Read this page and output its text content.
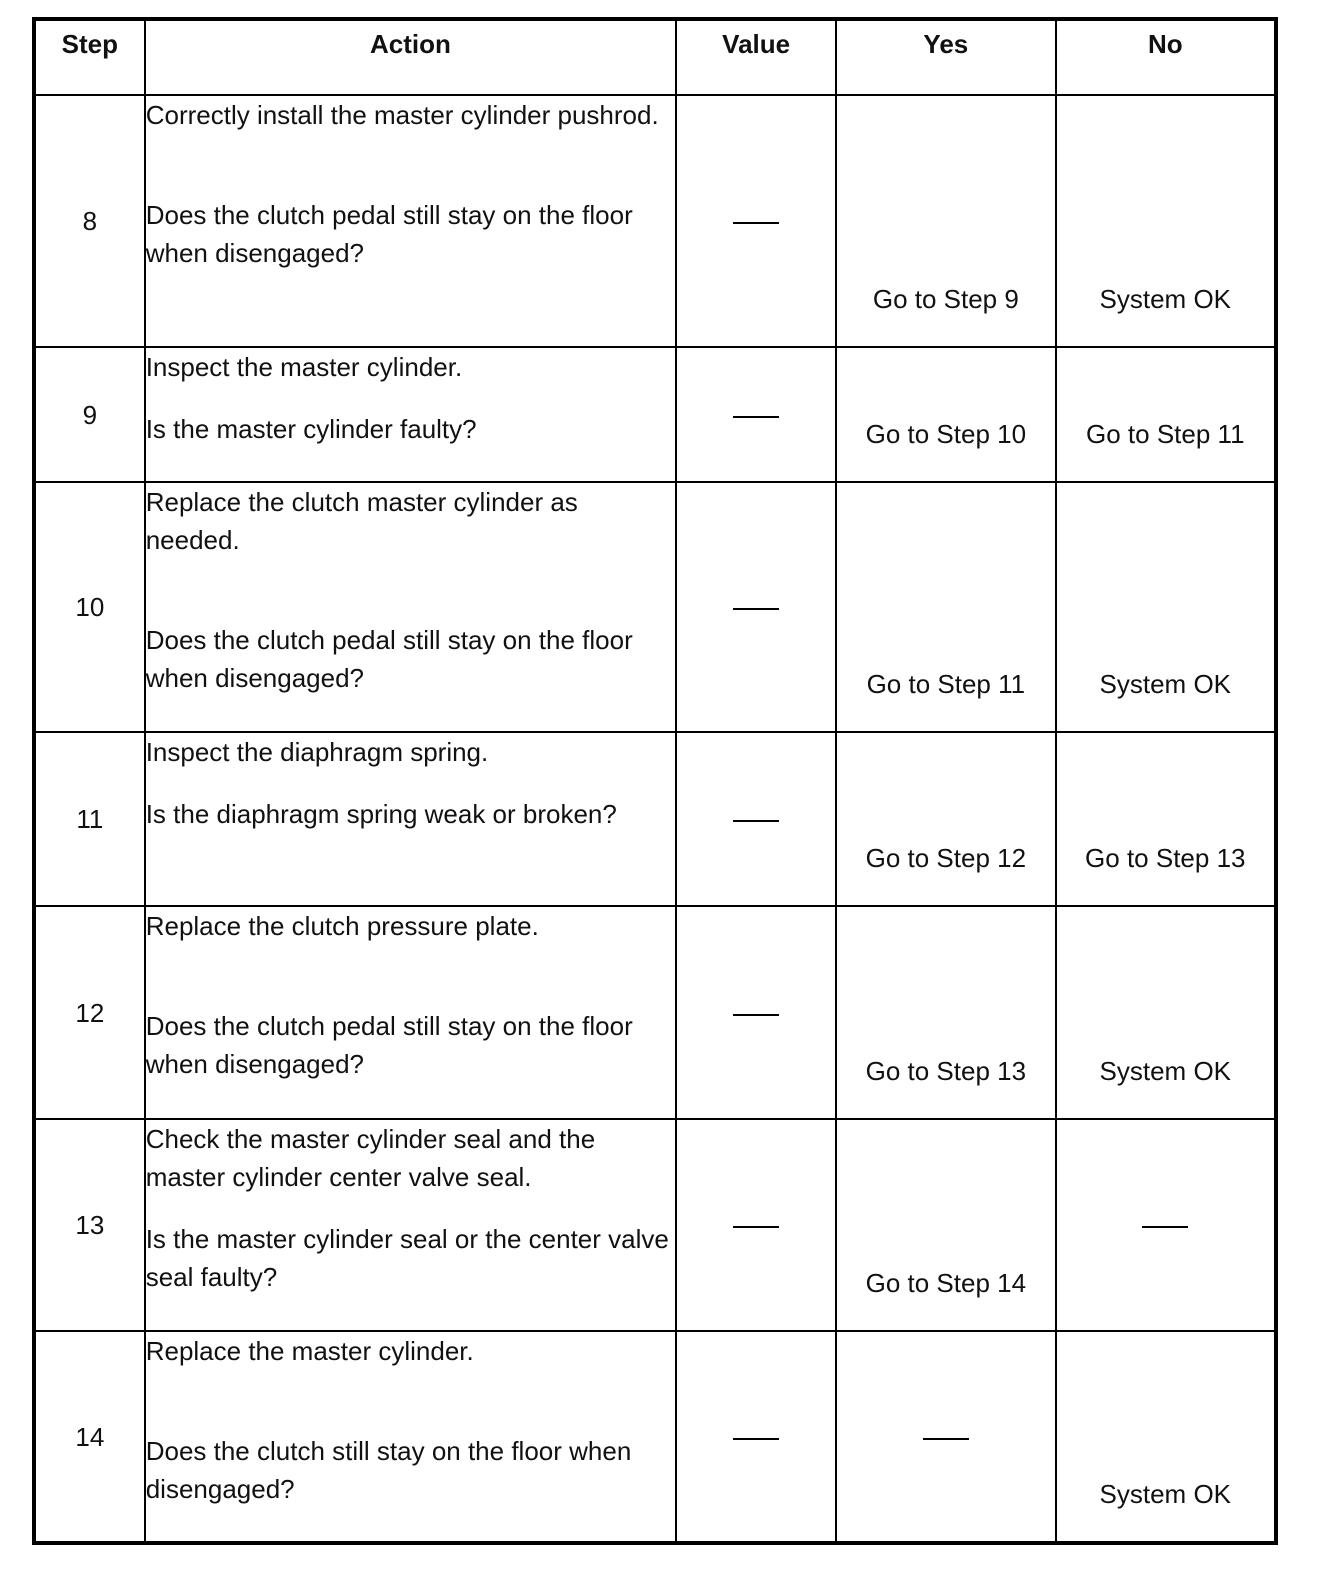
Step	Action	Value	Yes	No
8	Correctly install the master cylinder pushrod.

Does the clutch pedal still stay on the floor when disengaged?		Go to Step 9	System OK
9	Inspect the master cylinder.

Is the master cylinder faulty?		Go to Step 10	Go to Step 11
10	Replace the clutch master cylinder as needed.

Does the clutch pedal still stay on the floor when disengaged?		Go to Step 11	System OK
11	Inspect the diaphragm spring.

Is the diaphragm spring weak or broken?		Go to Step 12	Go to Step 13
12	Replace the clutch pressure plate.

Does the clutch pedal still stay on the floor when disengaged?		Go to Step 13	System OK
13	Check the master cylinder seal and the master cylinder center valve seal.

Is the master cylinder seal or the center valve seal faulty?		Go to Step 14	
14	Replace the master cylinder.

Does the clutch still stay on the floor when disengaged?			System OK
